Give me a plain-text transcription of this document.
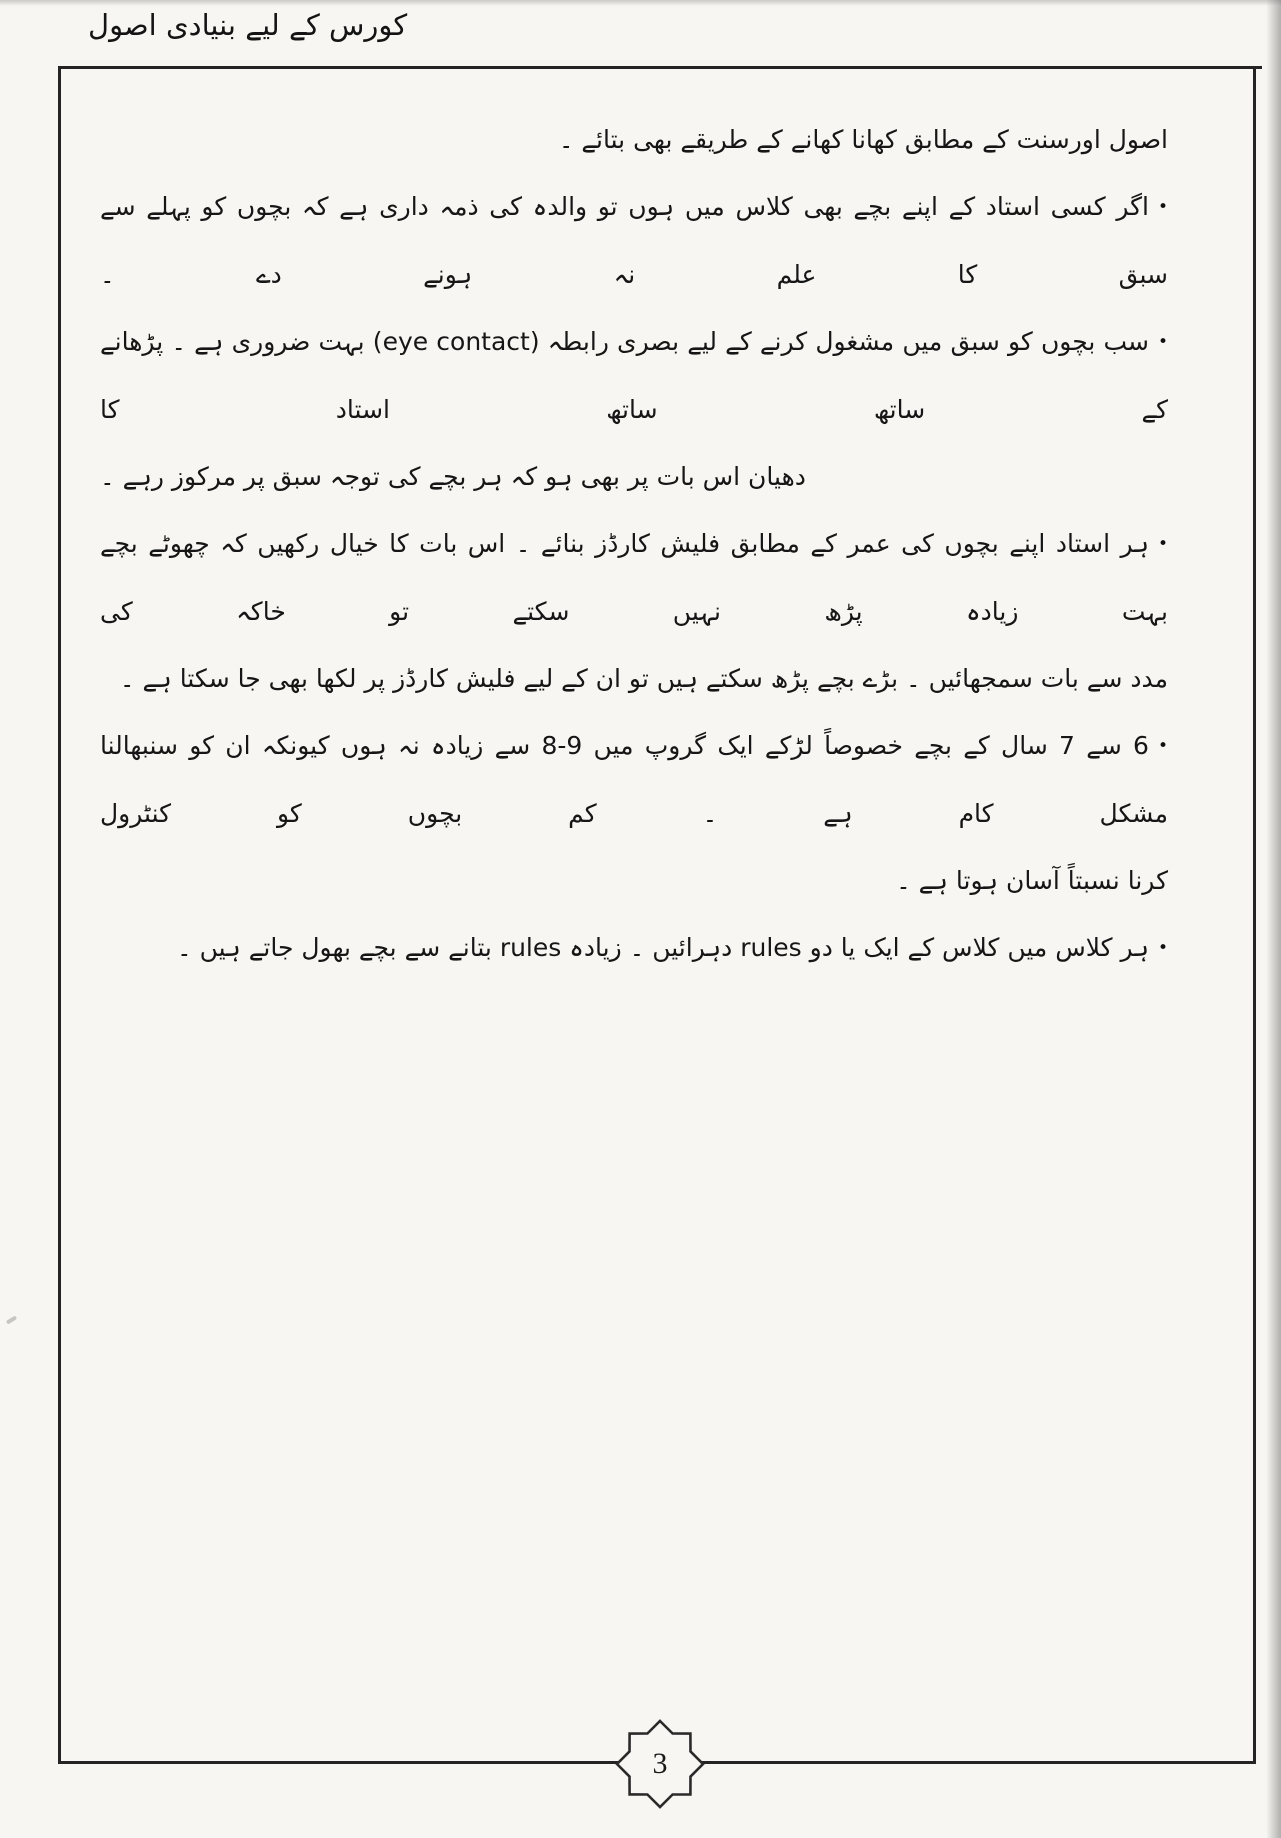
کورس کے لیے بنیادی اصول
اصول اورسنت کے مطابق کھانا کھانے کے طریقے بھی بتائے ۔
•اگر کسی استاد کے اپنے بچے بھی کلاس میں ہوں تو والدہ کی ذمہ داری ہے کہ بچوں کو پہلے سے سبق کا علم نہ ہونے دے ۔
•سب بچوں کو سبق میں مشغول کرنے کے لیے بصری رابطہ (eye contact) بہت ضروری ہے ۔ پڑھانے کے ساتھ ساتھ استاد کا
دھیان اس بات پر بھی ہو کہ ہر بچے کی توجہ سبق پر مرکوز رہے ۔
•ہر استاد اپنے بچوں کی عمر کے مطابق فلیش کارڈز بنائے ۔ اس بات کا خیال رکھیں کہ چھوٹے بچے بہت زیادہ پڑھ نہیں سکتے تو خاکہ کی
مدد سے بات سمجھائیں ۔ بڑے بچے پڑھ سکتے ہیں تو ان کے لیے فلیش کارڈز پر لکھا بھی جا سکتا ہے ۔
•6 سے 7 سال کے بچے خصوصاً لڑکے ایک گروپ میں 9-8 سے زیادہ نہ ہوں کیونکہ ان کو سنبھالنا مشکل کام ہے ۔ کم بچوں کو کنٹرول
کرنا نسبتاً آسان ہوتا ہے ۔
•ہر کلاس میں کلاس کے ایک یا دو rules دہرائیں ۔ زیادہ rules بتانے سے بچے بھول جاتے ہیں ۔
3
